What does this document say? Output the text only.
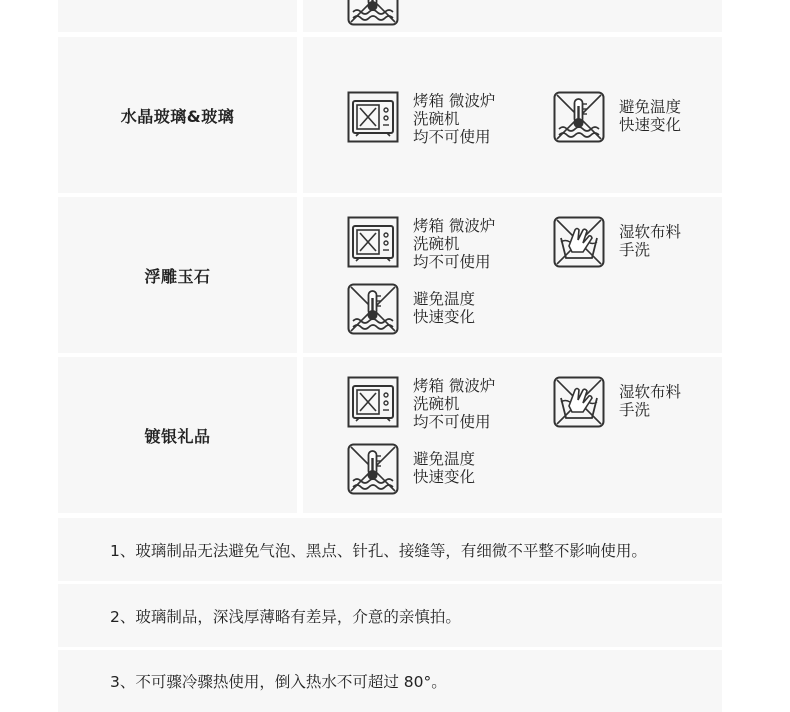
水晶玻璃&玻璃
烤箱 微波炉
洗碗机
均不可使用
避免温度
快速变化
浮雕玉石
烤箱 微波炉
洗碗机
均不可使用
湿软布料
手洗
避免温度
快速变化
镀银礼品
烤箱 微波炉
洗碗机
均不可使用
湿软布料
手洗
避免温度
快速变化
1、玻璃制品无法避免气泡、黑点、针孔、接缝等，有细微不平整不影响使用。
2、玻璃制品，深浅厚薄略有差异，介意的亲慎拍。
3、不可骤冷骤热使用，倒入热水不可超过 80°。
